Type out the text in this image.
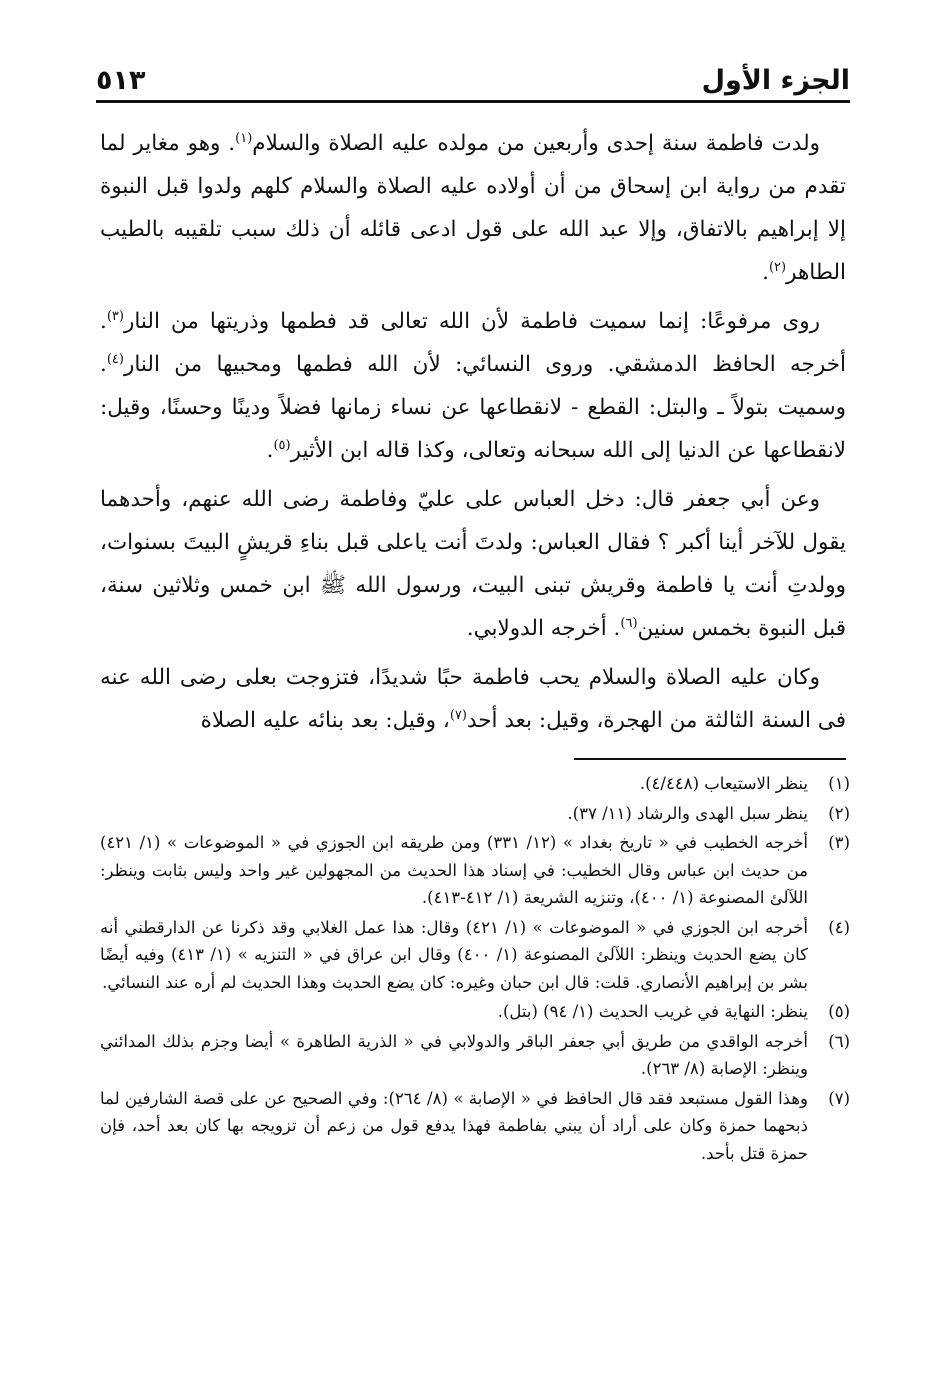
الجزء الأول
٥١٣

ولدت فاطمة سنة إحدى وأربعين من مولده عليه الصلاة والسلام$^{(١)}$. وهو مغاير لما تقدم من رواية ابن إسحاق من أن أولاده عليه الصلاة والسلام كلهم ولدوا قبل النبوة إلا إبراهيم بالاتفاق، وإلا عبد الله على قول ادعى قائله أن ذلك سبب تلقيبه بالطيب الطاهر$^{(٢)}$.

روى مرفوعًا: إنما سميت فاطمة لأن الله تعالى قد فطمها وذريتها من النار$^{(٣)}$. أخرجه الحافظ الدمشقي. وروى النسائي: لأن الله فطمها ومحبيها من النار$^{(٤)}$. وسميت بتولاً ـ والبتل: القطع - لانقطاعها عن نساء زمانها فضلاً ودينًا وحسنًا، وقيل: لانقطاعها عن الدنيا إلى الله سبحانه وتعالى، وكذا قاله ابن الأثير$^{(٥)}$.

وعن أبي جعفر قال: دخل العباس على عليّ وفاطمة رضى الله عنهم، وأحدهما يقول للآخر أينا أكبر ؟ فقال العباس: ولدتَ أنت ياعلى قبل بناءِ قريشٍ البيتَ بسنوات، وولدتِ أنت يا فاطمة وقريش تبنى البيت، ورسول الله ﷺ ابن خمس وثلاثين سنة، قبل النبوة بخمس سنين$^{(٦)}$. أخرجه الدولابي.

وكان عليه الصلاة والسلام يحب فاطمة حبًا شديدًا، فتزوجت بعلى رضى الله عنه فى السنة الثالثة من الهجرة، وقيل: بعد أحد$^{(٧)}$، وقيل: بعد بنائه عليه الصلاة

(١)
ينظر الاستيعاب (٤/٤٤٨).
(٢)
ينظر سبل الهدى والرشاد (١١/ ٣٧).
(٣)
أخرجه الخطيب في « تاريخ بغداد » (١٢/ ٣٣١) ومن طريقه ابن الجوزي في « الموضوعات » (١/ ٤٢١) من حديث ابن عباس وقال الخطيب: في إسناد هذا الحديث من المجهولين غير واحد وليس بثابت وينظر: اللآلئ المصنوعة (١/ ٤٠٠)، وتنزيه الشريعة (١/ ٤١٢-٤١٣).
(٤)
أخرجه ابن الجوزي في « الموضوعات » (١/ ٤٢١) وقال: هذا عمل الغلابي وقد ذكرنا عن الدارقطني أنه كان يضع الحديث وينظر: اللآلئ المصنوعة (١/ ٤٠٠) وقال ابن عراق في « التنزيه » (١/ ٤١٣) وفيه أيضًا بشر بن إبراهيم الأنصاري. قلت: قال ابن حبان وغيره: كان يضع الحديث وهذا الحديث لم أره عند النسائي.
(٥)
ينظر: النهاية في غريب الحديث (١/ ٩٤) (بتل).
(٦)
أخرجه الواقدي من طريق أبي جعفر الباقر والدولابي في « الذرية الطاهرة » أيضا وجزم بذلك المدائني وينظر: الإصابة (٨/ ٢٦٣).
(٧)
وهذا القول مستبعد فقد قال الحافظ في « الإصابة » (٨/ ٢٦٤): وفي الصحيح عن على قصة الشارفين لما ذبحهما حمزة وكان على أراد أن يبني بفاطمة فهذا يدفع قول من زعم أن تزويجه بها كان بعد أحد، فإن حمزة قتل بأحد.
